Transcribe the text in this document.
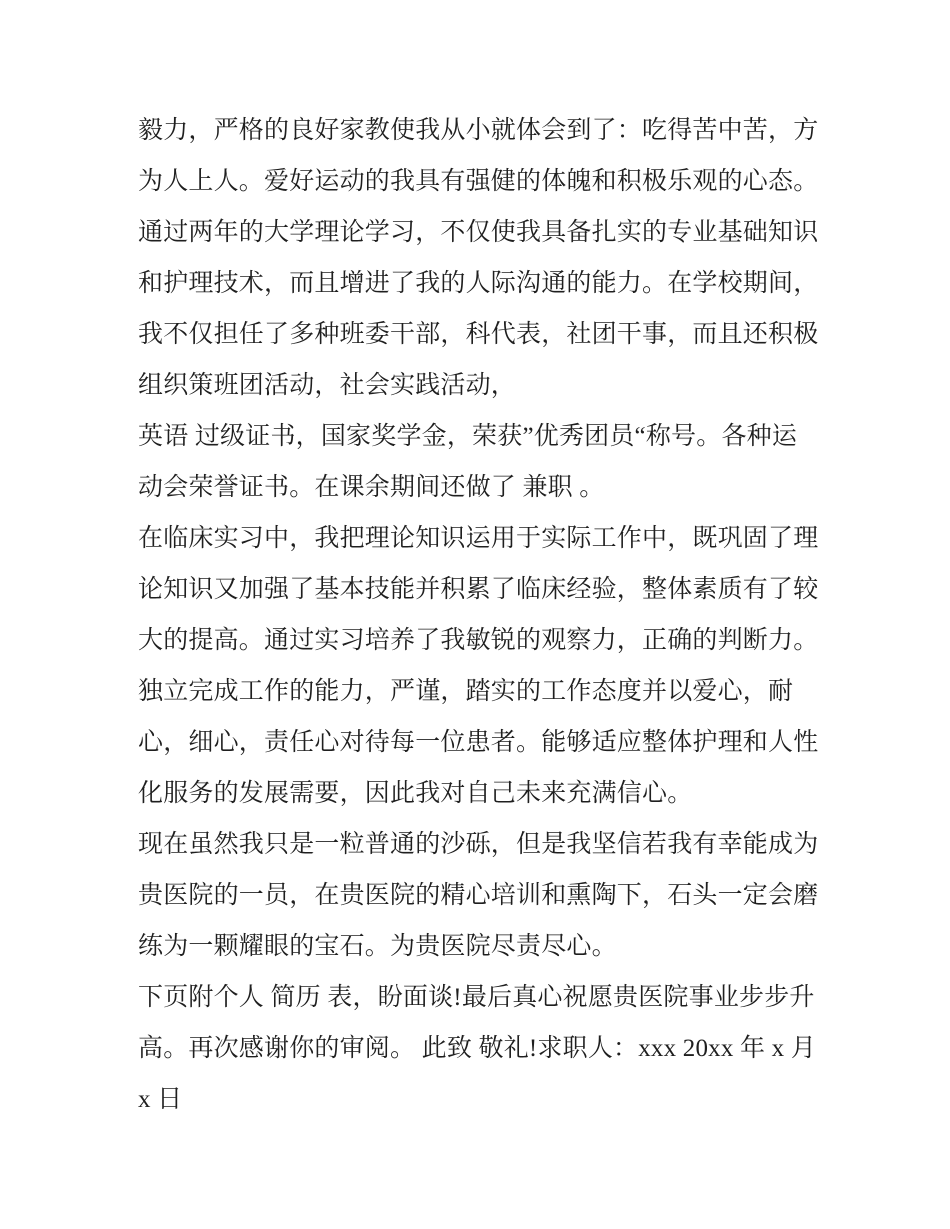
毅力，严格的良好家教使我从小就体会到了：吃得苦中苦，方
为人上人。爱好运动的我具有强健的体魄和积极乐观的心态。
通过两年的大学理论学习，不仅使我具备扎实的专业基础知识
和护理技术，而且增进了我的人际沟通的能力。在学校期间，
我不仅担任了多种班委干部，科代表，社团干事，而且还积极
组织策班团活动，社会实践活动，
英语 过级证书，国家奖学金，荣获”优秀团员“称号。各种运
动会荣誉证书。在课余期间还做了 兼职 。
在临床实习中，我把理论知识运用于实际工作中，既巩固了理
论知识又加强了基本技能并积累了临床经验，整体素质有了较
大的提高。通过实习培养了我敏锐的观察力，正确的判断力。
独立完成工作的能力，严谨，踏实的工作态度并以爱心，耐
心，细心，责任心对待每一位患者。能够适应整体护理和人性
化服务的发展需要，因此我对自己未来充满信心。
现在虽然我只是一粒普通的沙砾，但是我坚信若我有幸能成为
贵医院的一员，在贵医院的精心培训和熏陶下，石头一定会磨
练为一颗耀眼的宝石。为贵医院尽责尽心。
下页附个人 简历 表，盼面谈!最后真心祝愿贵医院事业步步升
高。再次感谢你的审阅。 此致 敬礼!求职人：xxx 20xx 年 x 月
x 日
